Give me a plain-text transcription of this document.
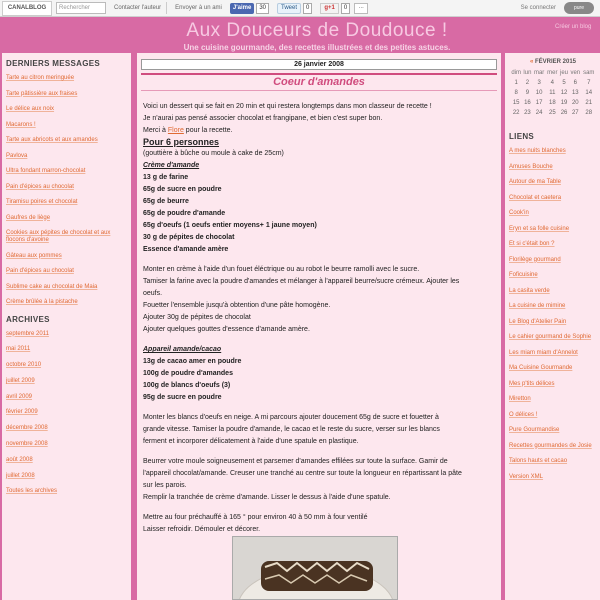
CANALBLOG	Rechercher	Contacter l'auteur Envoyer à un ami	J'aime	30	Tweet	0	g+1	0	···	Se connecter	pure
Aux Douceurs de Doudouce !
Une cuisine gourmande, des recettes illustrées et des petites astuces.
Créer un blog
DERNIERS MESSAGES
Tarte au citron meringuée
Tarte pâtissière aux fraises
Le délice aux noix
Macarons !
Tarte aux abricots et aux amandes
Pavlova
Ultra fondant marron-chocolat
Pain d'épices au chocolat
Tiramisu poires et chocolat
Gaufres de liège
Cookies aux pépites de chocolat et aux flocons d'avoine
Gâteau aux pommes
Pain d'épices au chocolat
Sublime cake au chocolat de Maia
Crème brûlée à la pistache
ARCHIVES
septembre 2011
mai 2011
octobre 2010
juillet 2009
avril 2009
février 2009
décembre 2008
novembre 2008
août 2008
juillet 2008
Toutes les archives
26 janvier 2008
Coeur d'amandes
Voici un dessert qui se fait en 20 min et qui restera longtemps dans mon classeur de recette !
Je n'aurai pas pensé associer chocolat et frangipane, et bien c'est super bon.
Merci à Flore pour la recette.
Pour 6 personnes
(gouttière à bûche ou moule à cake de 25cm)
Crème d'amande
13 g de farine
65g de sucre en poudre
65g de beurre
65g de poudre d'amande
65g d'oeufs (1 oeufs entier moyens+ 1 jaune moyen)
30 g de pépites de chocolat
Essence d'amande amère
Monter en crème à l'aide d'un fouet éléctrique ou au robot le beurre ramolli avec le sucre.
Tamiser la farine avec la poudre d'amandes et mélanger à l'appareil beurre/sucre crémeux. Ajouter les
oeufs.
Fouetter l'ensemble jusqu'à obtention d'une pâte homogène.
Ajouter 30g de pépites de chocolat
Ajouter quelques gouttes d'essence d'amande amère.
Appareil amande/cacao
13g de cacao amer en poudre
100g de poudre d'amandes
100g de blancs d'oeufs (3)
95g de sucre en poudre
Monter les blancs d'oeufs en neige. A mi parcours ajouter doucement 65g de sucre et fouetter à
grande vitesse. Tamiser la poudre d'amande, le cacao et le reste du sucre, verser sur les blancs
ferment et incorporer délicatement à l'aide d'une spatule en plastique.
Beurrer votre moule soigneusement et parsemer d'amandes effilées sur toute la surface. Gamir de
l'appareil chocolat/amande. Creuser une tranché au centre sur toute la longueur en répartissant la pâte
sur les parois.
Remplir la tranchée de crème d'amande. Lisser le dessus à l'aide d'une spatule.
Mettre au four préchauffé à 165 ° pour environ 40 à 50 mm à four ventilé
Laisser refroidir. Démouler et décorer.
« FÉVRIER 2015
dim	lun	mar	mer	jeu	ven	sam
1	2	3	4	5	6	7
8	9	10	11	12	13	14
15	16	17	18	19	20	21
22	23	24	25	26	27	28
LIENS
A mes nuits blanches
Amuses Bouche
Autour de ma Table
Chocolat et caetera
Cook'in
Eryn et sa folle cuisine
Et si c'était bon ?
Florilège gourmand
Foficuisine
La casita verde
La cuisine de mimine
Le Blog d'Atelier Pain
Le cahier gourmand de Sophie
Les miam miam d'Annelot
Ma Cuisine Gourmande
Mes p'tits délices
Miretton
O délices !
Pure Gourmandise
Recettes gourmandes de Josie
Talons hauts et cacao
Version XML
